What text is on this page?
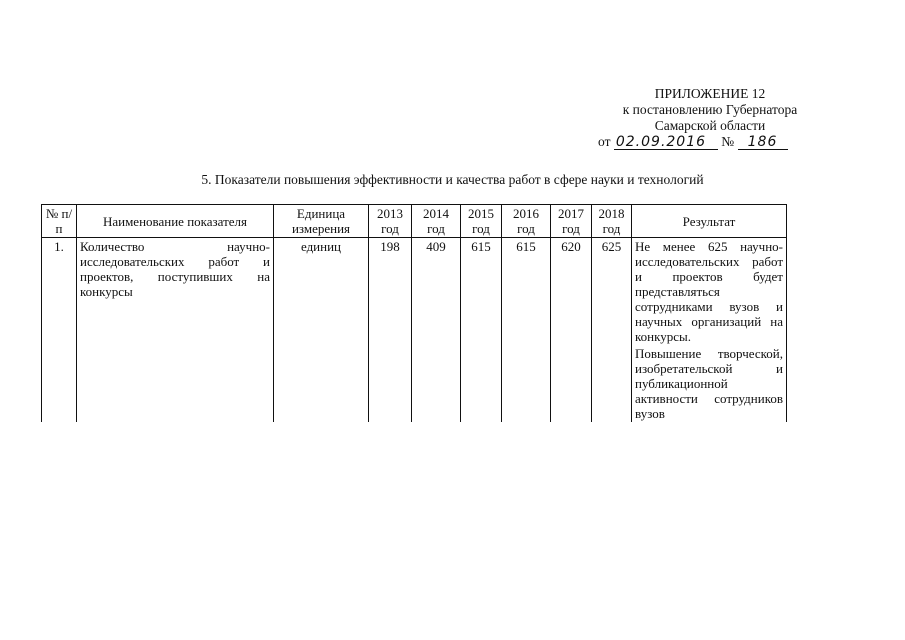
ПРИЛОЖЕНИЕ 12
к постановлению Губернатора
Самарской области
от 02.09.2016 № 186
5. Показатели повышения эффективности и качества работ в сфере науки и технологий
№ п/п	Наименование показателя	Единица измерения	2013 год	2014 год	2015 год	2016 год	2017 год	2018 год	Результат
1.	Количество научно-исследовательских работ и проектов, поступивших на конкурсы	единиц	198	409	615	615	620	625	Не менее 625 научно-исследовательских работ и проектов будет представляться сотрудниками вузов и научных организаций на конкурсы.
Повышение творческой, изобретательской и публикационной активности сотрудников вузов
